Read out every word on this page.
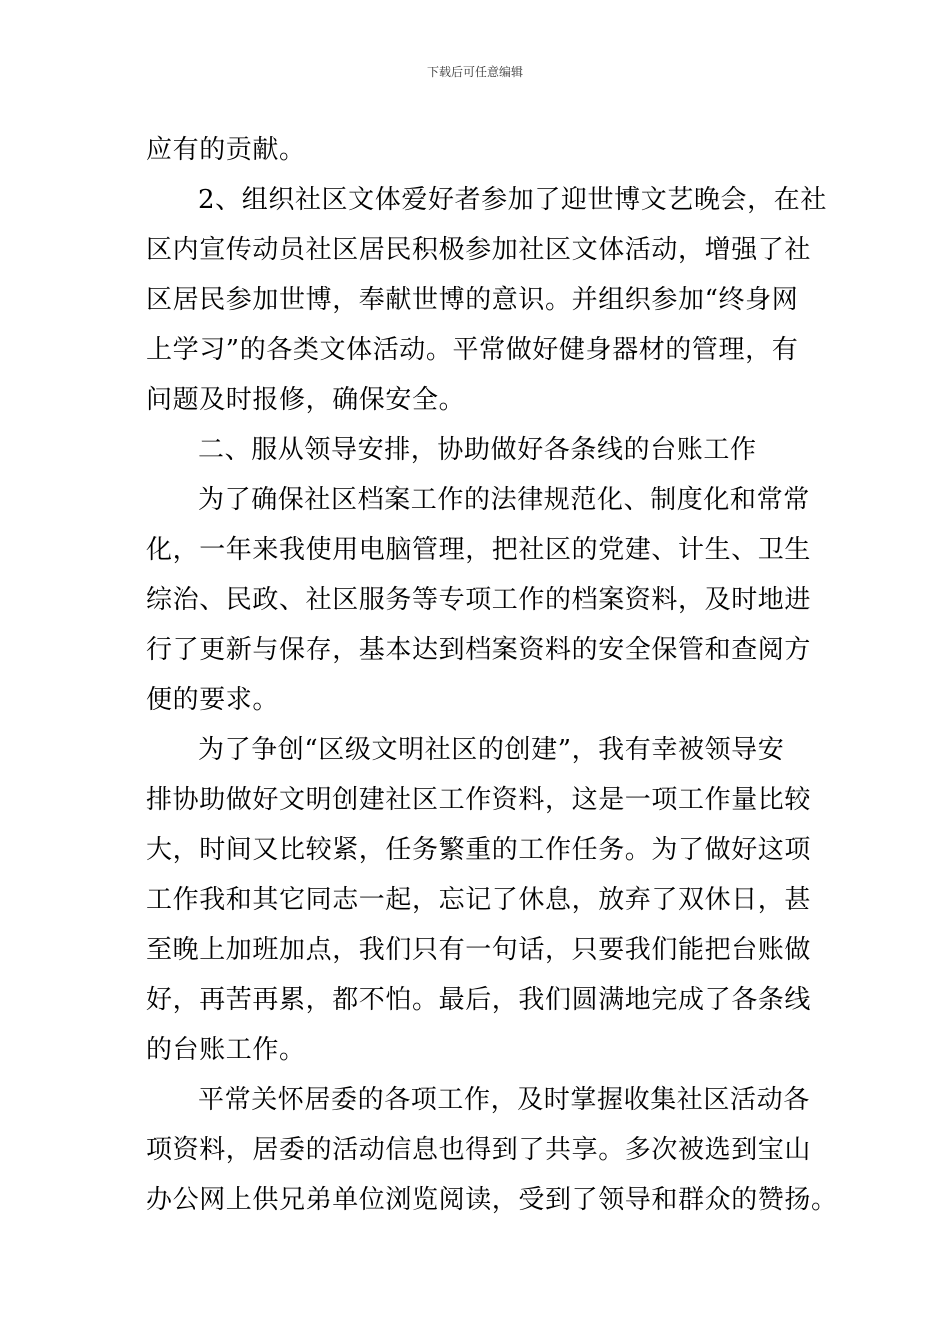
下载后可任意编辑
应有的贡献。
2、组织社区文体爱好者参加了迎世博文艺晚会，在社
区内宣传动员社区居民积极参加社区文体活动，增强了社
区居民参加世博，奉献世博的意识。并组织参加“终身网
上学习”的各类文体活动。平常做好健身器材的管理，有
问题及时报修，确保安全。
二、服从领导安排，协助做好各条线的台账工作
为了确保社区档案工作的法律规范化、制度化和常常
化，一年来我使用电脑管理，把社区的党建、计生、卫生
综治、民政、社区服务等专项工作的档案资料，及时地进
行了更新与保存，基本达到档案资料的安全保管和查阅方
便的要求。
为了争创“区级文明社区的创建”，我有幸被领导安
排协助做好文明创建社区工作资料，这是一项工作量比较
大，时间又比较紧，任务繁重的工作任务。为了做好这项
工作我和其它同志一起，忘记了休息，放弃了双休日，甚
至晚上加班加点，我们只有一句话，只要我们能把台账做
好，再苦再累，都不怕。最后，我们圆满地完成了各条线
的台账工作。
平常关怀居委的各项工作，及时掌握收集社区活动各
项资料，居委的活动信息也得到了共享。多次被选到宝山
办公网上供兄弟单位浏览阅读，受到了领导和群众的赞扬。
